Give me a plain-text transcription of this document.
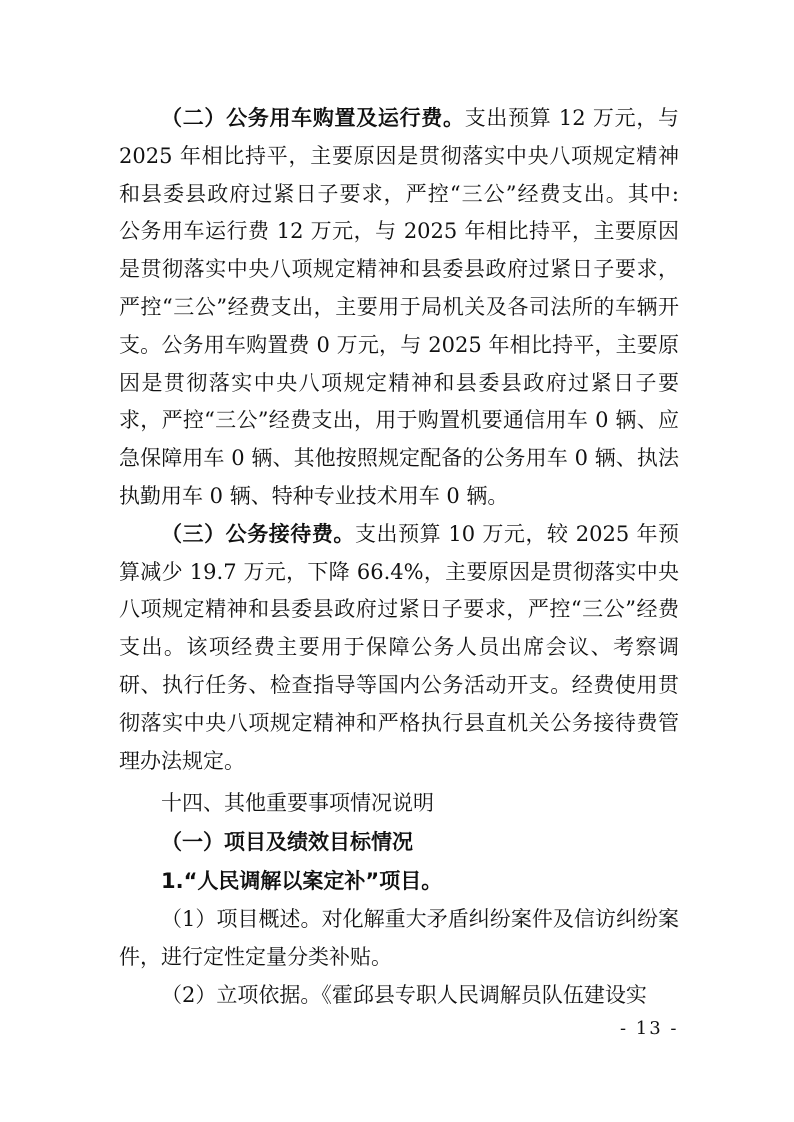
（二）公务用车购置及运行费。支出预算 12 万元，与 2025 年相比持平，主要原因是贯彻落实中央八项规定精神和县委县政府过紧日子要求，严控“三公”经费支出。其中: 公务用车运行费 12 万元，与 2025 年相比持平，主要原因是贯彻落实中央八项规定精神和县委县政府过紧日子要求，严控“三公”经费支出，主要用于局机关及各司法所的车辆开支。公务用车购置费 0 万元，与 2025 年相比持平，主要原因是贯彻落实中央八项规定精神和县委县政府过紧日子要求，严控“三公”经费支出，用于购置机要通信用车 0 辆、应急保障用车 0 辆、其他按照规定配备的公务用车 0 辆、执法执勤用车 0 辆、特种专业技术用车 0 辆。

（三）公务接待费。支出预算 10 万元，较 2025 年预算减少 19.7 万元，下降 66.4%，主要原因是贯彻落实中央八项规定精神和县委县政府过紧日子要求，严控“三公”经费支出。该项经费主要用于保障公务人员出席会议、考察调研、执行任务、检查指导等国内公务活动开支。经费使用贯彻落实中央八项规定精神和严格执行县直机关公务接待费管理办法规定。

十四、其他重要事项情况说明

（一）项目及绩效目标情况

1.“人民调解以案定补”项目。

（1）项目概述。对化解重大矛盾纠纷案件及信访纠纷案件，进行定性定量分类补贴。

（2）立项依据。《霍邱县专职人民调解员队伍建设实

- 13 -
